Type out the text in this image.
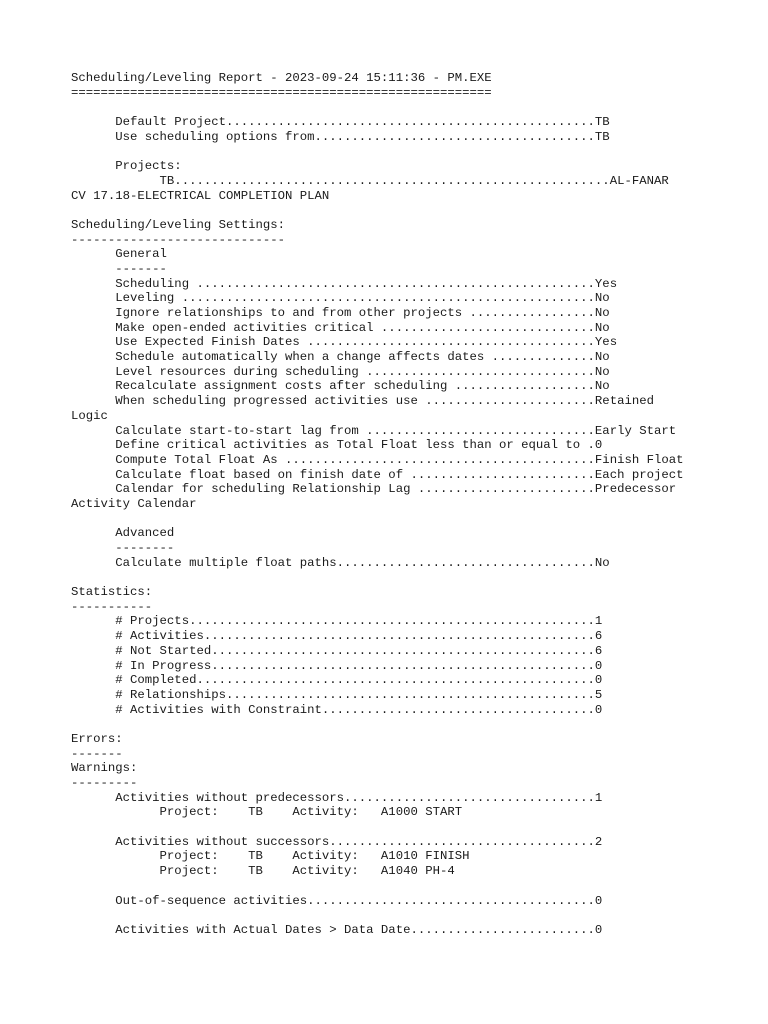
Scheduling/Leveling Report - 2023-09-24 15:11:36 - PM.EXE
=========================================================
Default Project..................................................TB
Use scheduling options from......................................TB
Projects:
TB...........................................................AL-FANAR
CV 17.18-ELECTRICAL COMPLETION PLAN
Scheduling/Leveling Settings:
-----------------------------
General
-------
Scheduling ......................................................Yes
Leveling ........................................................No
Ignore relationships to and from other projects .................No
Make open-ended activities critical .............................No
Use Expected Finish Dates .......................................Yes
Schedule automatically when a change affects dates ..............No
Level resources during scheduling ...............................No
Recalculate assignment costs after scheduling ...................No
When scheduling progressed activities use .......................Retained
Logic
Calculate start-to-start lag from ...............................Early Start
Define critical activities as Total Float less than or equal to .0
Compute Total Float As ..........................................Finish Float
Calculate float based on finish date of .........................Each project
Calendar for scheduling Relationship Lag ........................Predecessor
Activity Calendar
Advanced
--------
Calculate multiple float paths...................................No
Statistics:
-----------
# Projects.......................................................1
# Activities.....................................................6
# Not Started....................................................6
# In Progress....................................................0
# Completed......................................................0
# Relationships..................................................5
# Activities with Constraint.....................................0
Errors:
-------
Warnings:
---------
Activities without predecessors..................................1
Project:    TB    Activity:   A1000 START
Activities without successors....................................2
Project:    TB    Activity:   A1010 FINISH
Project:    TB    Activity:   A1040 PH-4
Out-of-sequence activities.......................................0
Activities with Actual Dates > Data Date.........................0
